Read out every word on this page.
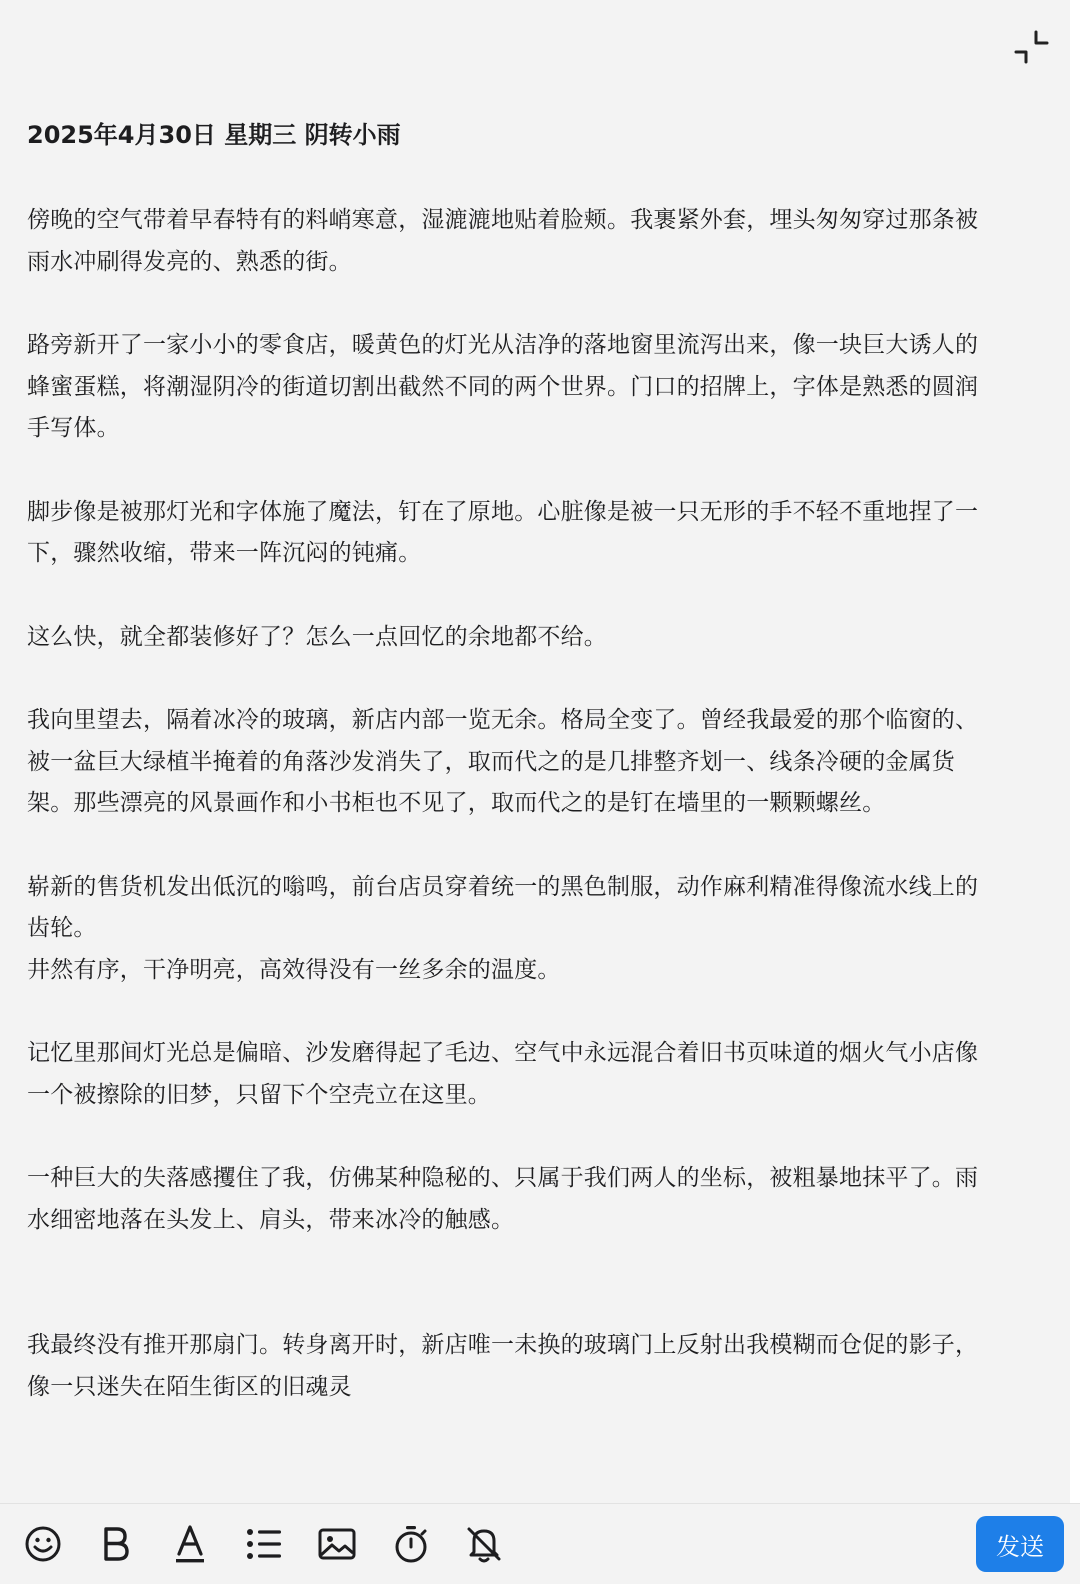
2025年4月30日 星期三 阴转小雨

傍晚的空气带着早春特有的料峭寒意，湿漉漉地贴着脸颊。我裹紧外套，埋头匆匆穿过那条被
雨水冲刷得发亮的、熟悉的街。

路旁新开了一家小小的零食店，暖黄色的灯光从洁净的落地窗里流泻出来，像一块巨大诱人的
蜂蜜蛋糕，将潮湿阴冷的街道切割出截然不同的两个世界。门口的招牌上，字体是熟悉的圆润
手写体。

脚步像是被那灯光和字体施了魔法，钉在了原地。心脏像是被一只无形的手不轻不重地捏了一
下，骤然收缩，带来一阵沉闷的钝痛。

这么快，就全都装修好了？怎么一点回忆的余地都不给。

我向里望去，隔着冰冷的玻璃，新店内部一览无余。格局全变了。曾经我最爱的那个临窗的、
被一盆巨大绿植半掩着的角落沙发消失了，取而代之的是几排整齐划一、线条冷硬的金属货
架。那些漂亮的风景画作和小书柜也不见了，取而代之的是钉在墙里的一颗颗螺丝。

崭新的售货机发出低沉的嗡鸣，前台店员穿着统一的黑色制服，动作麻利精准得像流水线上的
齿轮。
井然有序，干净明亮，高效得没有一丝多余的温度。

记忆里那间灯光总是偏暗、沙发磨得起了毛边、空气中永远混合着旧书页味道的烟火气小店像
一个被擦除的旧梦，只留下个空壳立在这里。

一种巨大的失落感攫住了我，仿佛某种隐秘的、只属于我们两人的坐标，被粗暴地抹平了。雨
水细密地落在头发上、肩头，带来冰冷的触感。

我最终没有推开那扇门。转身离开时，新店唯一未换的玻璃门上反射出我模糊而仓促的影子，
像一只迷失在陌生街区的旧魂灵

发送
